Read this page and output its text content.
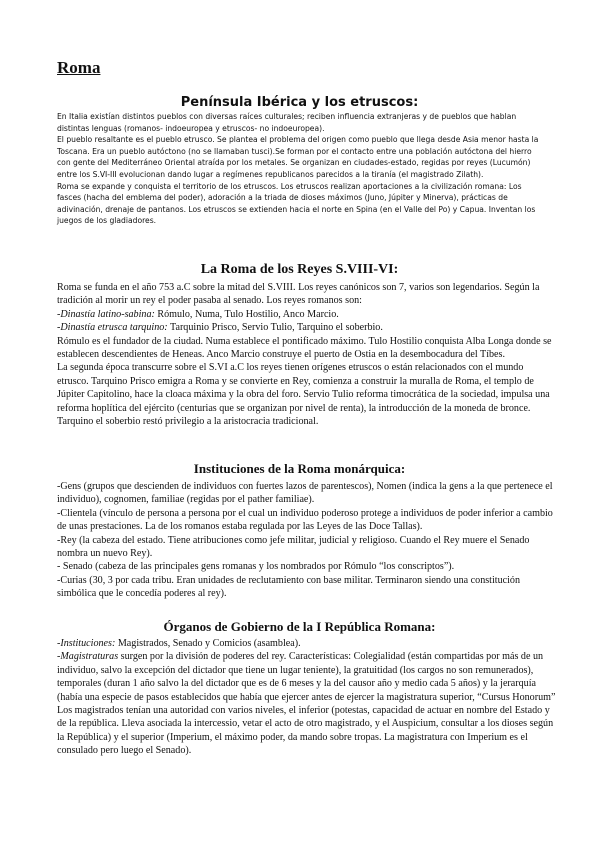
Roma
Península Ibérica y los etruscos:

En Italia existían distintos pueblos con diversas raíces culturales; reciben influencia extranjeras y de pueblos que hablan distintas lenguas (romanos- indoeuropea y etruscos- no indoeuropea).

El pueblo resaltante es el pueblo etrusco. Se plantea el problema del origen como pueblo que llega desde Asia menor hasta la Toscana. Era un pueblo autóctono (no se llamaban tusci).Se forman por el contacto entre una población autóctona del hierro con gente del Mediterráneo Oriental atraída por los metales. Se organizan en ciudades-estado, regidas por reyes (Lucumón) entre los S.VI-III evolucionan dando lugar a regímenes republicanos parecidos a la tiranía (el magistrado Zilath).

Roma se expande y conquista el territorio de los etruscos. Los etruscos realizan aportaciones a la civilización romana: Los fasces (hacha del emblema del poder), adoración a la triada de dioses máximos (Juno, Júpiter y Minerva), prácticas de adivinación, drenaje de pantanos. Los etruscos se extienden hacia el norte en Spina (en el Valle del Po) y Capua. Inventan los juegos de los gladiadores.

La Roma de los Reyes S.VIII-VI:

Roma se funda en el año 753 a.C sobre la mitad del S.VIII. Los reyes canónicos son 7, varios son legendarios. Según la tradición al morir un rey el poder pasaba al senado. Los reyes romanos son:

-Dinastía latino-sabina: Rómulo, Numa, Tulo Hostilio, Anco Marcio.

-Dinastía etrusca tarquino: Tarquinio Prisco, Servio Tulio, Tarquino el soberbio.

Rómulo es el fundador de la ciudad. Numa establece el pontificado máximo. Tulo Hostilio conquista Alba Longa donde se establecen descendientes de Heneas. Anco Marcio construye el puerto de Ostia en la desembocadura del Tíbes.

La segunda época transcurre sobre el S.VI a.C los reyes tienen orígenes etruscos o están relacionados con el mundo etrusco. Tarquino Prisco emigra a Roma y se convierte en Rey, comienza a construir la muralla de Roma, el templo de Júpiter Capitolino, hace la cloaca máxima y la obra del foro. Servio Tulio reforma timocrática de la sociedad, impulsa una reforma hoplítica del ejército (centurias que se organizan por nivel de renta), la introducción de la moneda de bronce. Tarquino el soberbio restó privilegio a la aristocracia tradicional.

Instituciones de la Roma monárquica:

-Gens (grupos que descienden de individuos con fuertes lazos de parentescos), Nomen (indica la gens a la que pertenece el individuo), cognomen, familiae (regidas por el pather familiae).

-Clientela (vínculo de persona a persona por el cual un individuo poderoso protege a individuos de poder inferior a cambio de unas prestaciones. La de los romanos estaba regulada por las Leyes de las Doce Tallas).

-Rey (la cabeza del estado. Tiene atribuciones como jefe militar, judicial y religioso. Cuando el Rey muere el Senado nombra un nuevo Rey).

- Senado (cabeza de las principales gens romanas y los nombrados por Rómulo “los conscriptos”).

-Curias (30, 3 por cada tribu. Eran unidades de reclutamiento con base militar. Terminaron siendo una constitución simbólica que le concedía poderes al rey).

Órganos de Gobierno de la I República Romana:

-Instituciones: Magistrados, Senado y Comicios (asamblea).

-Magistraturas surgen por la división de poderes del rey. Características: Colegialidad (están compartidas por más de un individuo, salvo la excepción del dictador que tiene un lugar teniente), la gratuitidad (los cargos no son remunerados), temporales (duran 1 año salvo la del dictador que es de 6 meses y la del causor año y medio cada 5 años) y la jerarquía (había una especie de pasos establecidos que había que ejercer antes de ejercer la magistratura superior, “Cursus Honorum”

Los magistrados tenían una autoridad con varios niveles, el inferior (potestas, capacidad de actuar en nombre del Estado y de la república. Lleva asociada la intercessio, vetar el acto de otro magistrado, y el Auspicium, consultar a los dioses según la República) y el superior (Imperium, el máximo poder, da mando sobre tropas. La magistratura con Imperium es el consulado pero luego el Senado).
